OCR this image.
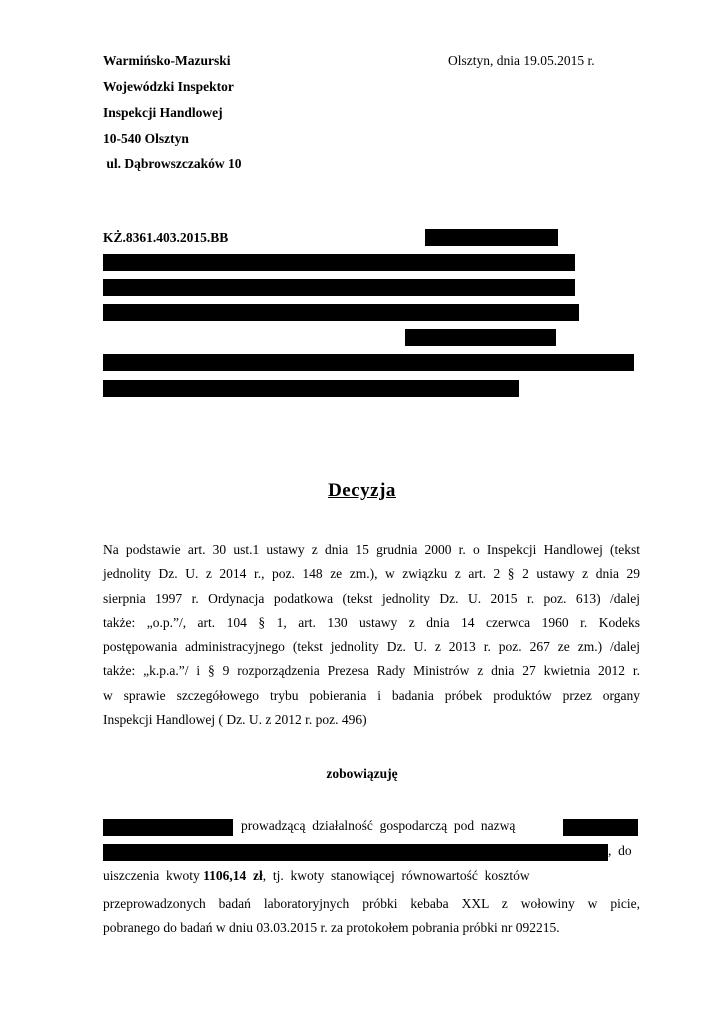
Warmińsko-Mazurski
Wojewódzki Inspektor
Inspekcji Handlowej
10-540 Olsztyn
ul. Dąbrowszczaków 10
Olsztyn, dnia 19.05.2015 r.
KŻ.8361.403.2015.BB
Decyzja
Na podstawie art. 30 ust.1 ustawy z dnia 15 grudnia 2000 r. o Inspekcji Handlowej (tekst
jednolity Dz. U. z 2014 r., poz. 148 ze zm.), w związku z art. 2 § 2 ustawy z dnia 29
sierpnia 1997 r. Ordynacja podatkowa (tekst jednolity Dz. U. 2015 r. poz. 613) /dalej
także: „o.p.”/, art. 104 § 1, art. 130 ustawy z dnia 14 czerwca 1960 r. Kodeks
postępowania administracyjnego (tekst jednolity Dz. U. z 2013 r. poz. 267 ze zm.) /dalej
także: „k.p.a.”/ i § 9 rozporządzenia Prezesa Rady Ministrów z dnia 27 kwietnia 2012 r.
w sprawie szczegółowego trybu pobierania i badania próbek produktów przez organy
Inspekcji Handlowej ( Dz. U. z 2012 r. poz. 496)
zobowiązuję
prowadzącą  działalność  gospodarczą  pod  nazwą
,  do
uiszczenia  kwoty 1106,14  zł,  tj.  kwoty  stanowiącej  równowartość  kosztów
przeprowadzonych  badań  laboratoryjnych  próbki  kebaba  XXL  z  wołowiny  w  picie,
pobranego do badań w dniu 03.03.2015 r. za protokołem pobrania próbki nr 092215.
